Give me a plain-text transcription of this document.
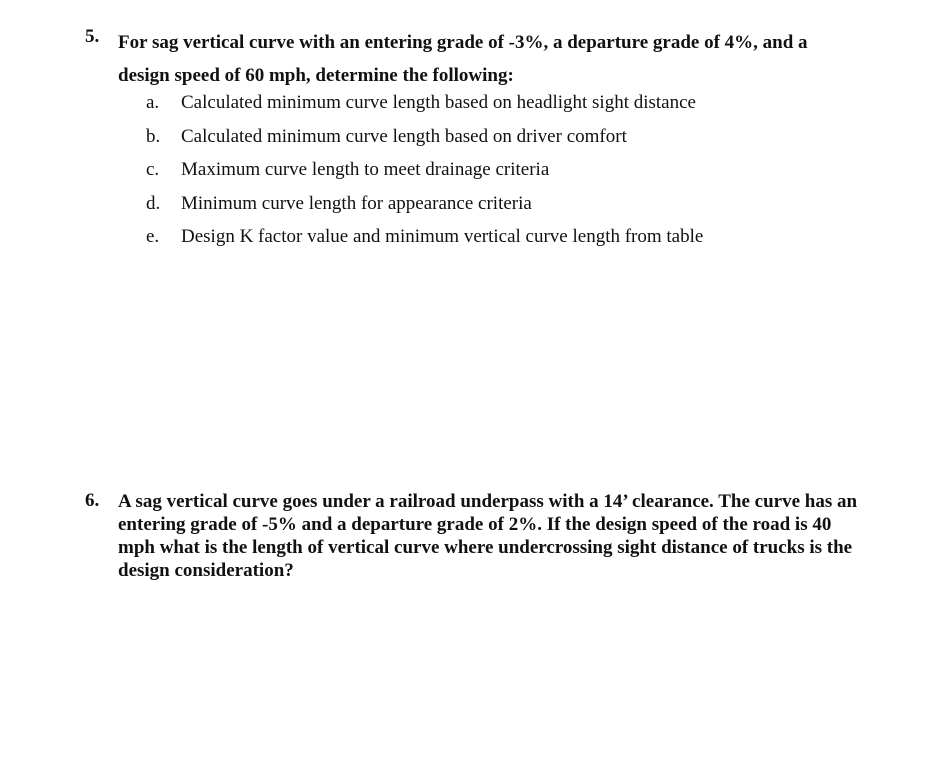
5. For sag vertical curve with an entering grade of -3%, a departure grade of 4%, and a design speed of 60 mph, determine the following:
a.	Calculated minimum curve length based on headlight sight distance
b.	Calculated minimum curve length based on driver comfort
c.	Maximum curve length to meet drainage criteria
d.	Minimum curve length for appearance criteria
e.	Design K factor value and minimum vertical curve length from table
6. A sag vertical curve goes under a railroad underpass with a 14’ clearance. The curve has an entering grade of -5% and a departure grade of 2%. If the design speed of the road is 40 mph what is the length of vertical curve where undercrossing sight distance of trucks is the design consideration?
